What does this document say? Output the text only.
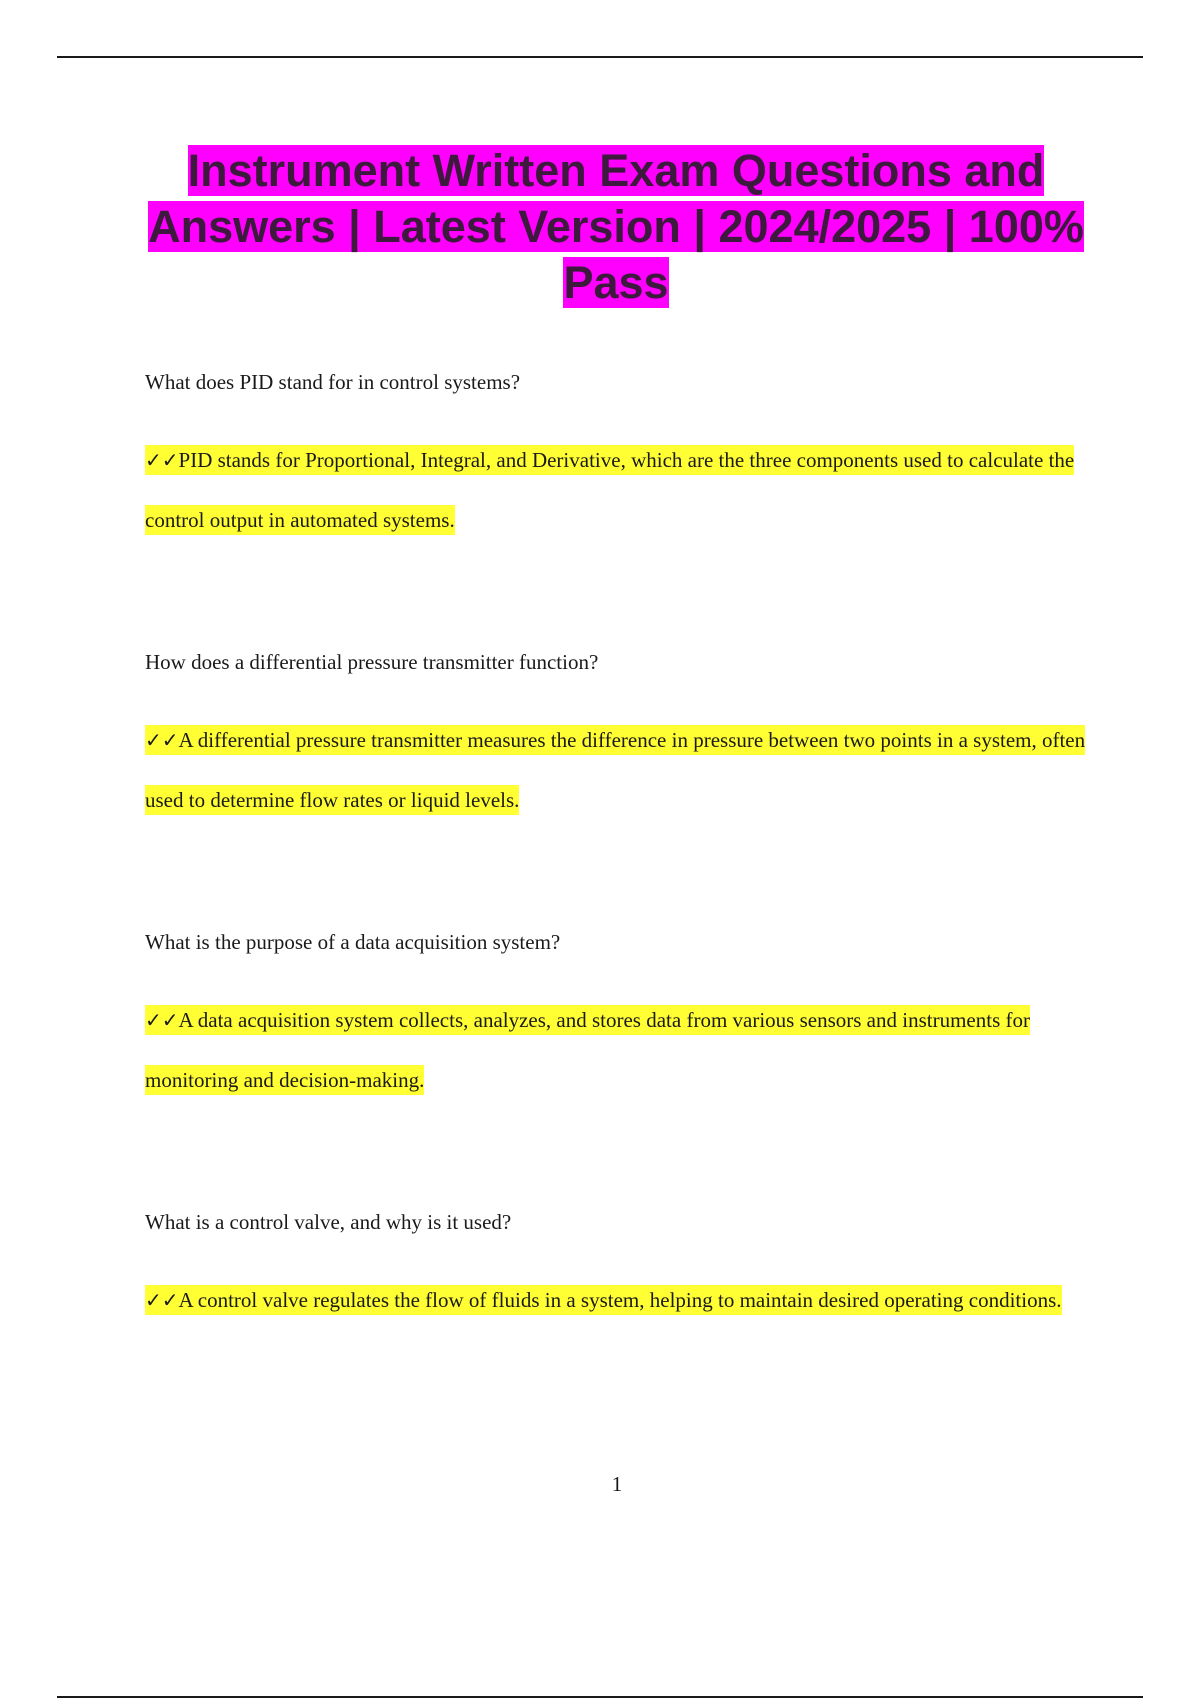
Instrument Written Exam Questions and Answers | Latest Version | 2024/2025 | 100% Pass

What does PID stand for in control systems?

✓✓PID stands for Proportional, Integral, and Derivative, which are the three components used to calculate the control output in automated systems.

How does a differential pressure transmitter function?

✓✓A differential pressure transmitter measures the difference in pressure between two points in a system, often used to determine flow rates or liquid levels.

What is the purpose of a data acquisition system?

✓✓A data acquisition system collects, analyzes, and stores data from various sensors and instruments for monitoring and decision-making.

What is a control valve, and why is it used?

✓✓A control valve regulates the flow of fluids in a system, helping to maintain desired operating conditions.

1
